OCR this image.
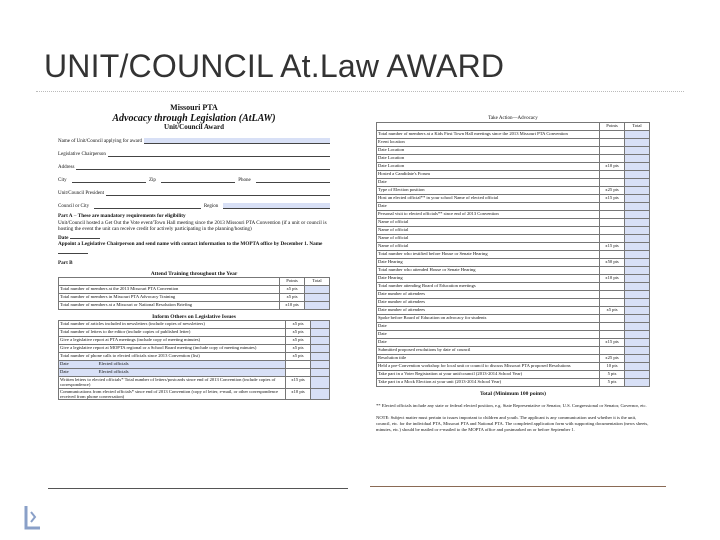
UNIT/COUNCIL At.Law AWARD
Missouri PTA
Advocacy through Legislation (AtLAW)
Unit/Council Award
Name of Unit/Council applying for award
Legislative Chairperson
Address
City	Zip	Phone
Unit/Council President
Council or City	Region
Part A – These are mandatory requirements for eligibility
Unit/Council hosted a Get Out the Vote event/Town Hall meeting since the 2013 Missouri PTA Convention (if a unit or council is hosting the event the unit can receive credit for actively participating in the planning/hosting)
Date
Appoint a Legislative Chairperson and send name with contact information to the MOPTA office by December 1. Name
Part B
Attend Training throughout the Year
	Points	Total
Total number of members at the 2013 Missouri PTA Convention	x5 pts	
Total number of members in Missouri PTA Advocacy Training	x5 pts	
Total number of members at a Missouri or National Resolution Briefing	x10 pts	
Inform Others on Legislative Issues
Total number of articles included in newsletters (include copies of newsletters)	x5 pts	
Total number of letters to the editor (include copies of published letter)	x5 pts	
Give a legislative report at PTA meetings (include copy of meeting minutes)	x5 pts	
Give a legislative report at MOPTA regional or a School Board meeting (include copy of meeting minutes)	x5 pts	
Total number of phone calls to elected officials since 2013 Convention (list)	x5 pts	
Date Elected officials		
Date Elected officials		
Written letters to elected officials* Total number of letters/postcards since end of 2013 Convention (include copies of correspondence)	x15 pts	
Communications from elected officials* since end of 2013 Convention (copy of letter, e-mail, or other correspondence received from phone conversation)	x10 pts	
Take Action—Advocacy
	Points	Total
Total number of members at a Kids First Town Hall meetings since the 2013 Missouri PTA Convention		
Event location		
Date Location		
Date Location		
Date Location	x10 pts	
Hosted a Candidate's Forum		
Date		
Type of Election position	x25 pts	
Host an elected official** in your school Name of elected official	x15 pts	
Date		
Personal visit to elected officials** since end of 2013 Convention		
Name of official		
Name of official		
Name of official		
Name of official	x15 pts	
Total number who testified before House or Senate Hearing		
Date Hearing	x50 pts	
Total number who attended House or Senate Hearing		
Date Hearing	x10 pts	
Total number attending Board of Education meetings		
Date number of attendees		
Date number of attendees		
Date number of attendees	x5 pts	
Spoke before Board of Education on advocacy for students		
Date		
Date		
Date	x15 pts	
Submitted proposed resolutions by date of council		
Resolution title	x25 pts	
Held a pre-Convention workshop for local unit or council to discuss Missouri PTA proposed Resolutions	10 pts	
Take part in a Voter Registration at your unit/council (2013-2014 School Year)	5 pts	
Take part in a Mock Election at your unit (2013-2014 School Year)	5 pts	
Total (Minimum 100 points)
** Elected officials include any state or federal elected position, e.g. State Representative or Senator, U.S. Congressional or Senator, Governor, etc.
NOTE: Subject matter must pertain to issues important to children and youth. The applicant is any communication used whether it is the unit, council, etc. for the individual PTA, Missouri PTA and National PTA. The completed application form with supporting documentation (news sheets, minutes, etc.) should be mailed or e-mailed to the MOPTA office and postmarked on or before September 1.
